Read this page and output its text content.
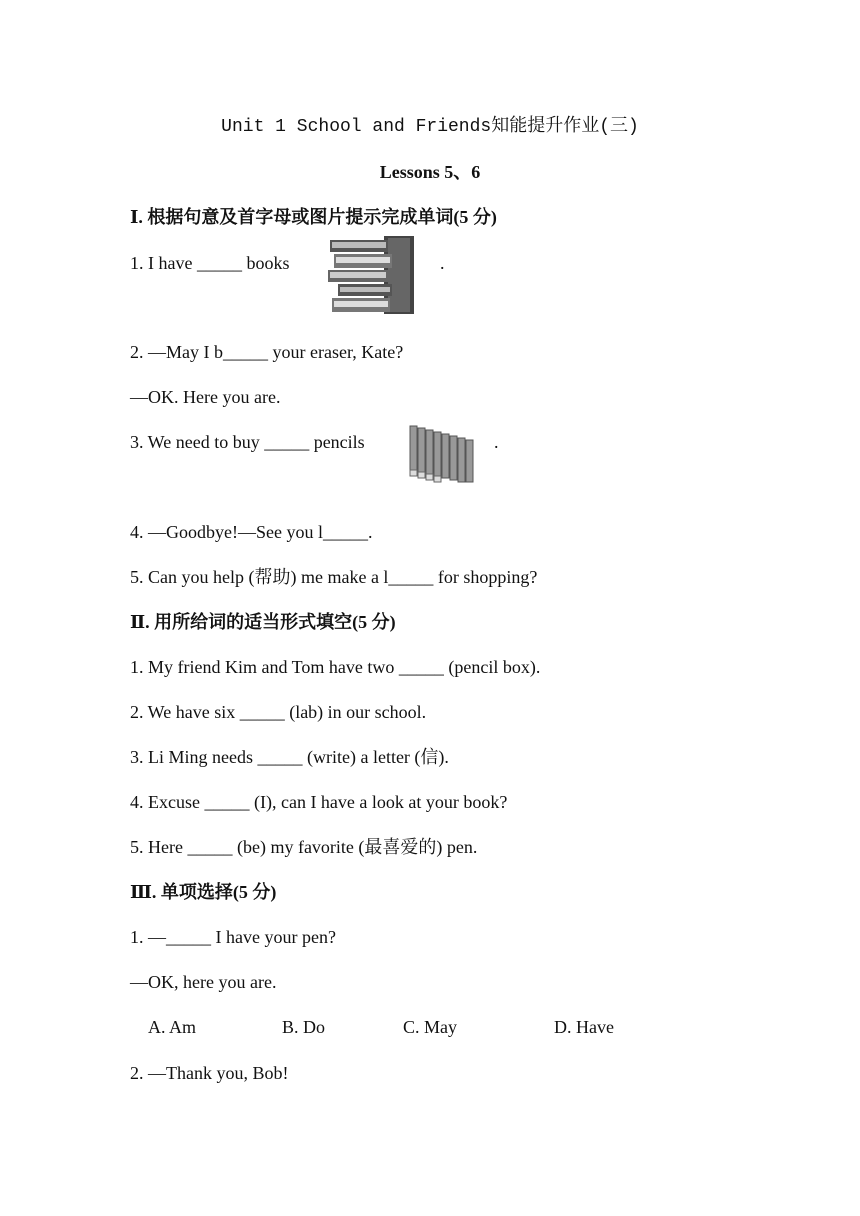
Unit 1 School and Friends知能提升作业(三)
Lessons 5、6
Ⅰ. 根据句意及首字母或图片提示完成单词(5 分)
1. I have _____ books	.
2. —May I b_____ your eraser, Kate?
—OK. Here you are.
3. We need to buy _____ pencils	.
4. —Goodbye!—See you l_____.
5. Can you help (帮助) me make a l_____ for shopping?
Ⅱ. 用所给词的适当形式填空(5 分)
1. My friend Kim and Tom have two _____ (pencil box).
2. We have six _____ (lab) in our school.
3. Li Ming needs _____ (write) a letter (信).
4. Excuse _____ (I), can I have a look at your book?
5. Here _____ (be) my favorite (最喜爱的) pen.
Ⅲ. 单项选择(5 分)
1. —_____ I have your pen?
—OK, here you are.
A. Am	B. Do	C. May	D. Have
2. —Thank you, Bob!
